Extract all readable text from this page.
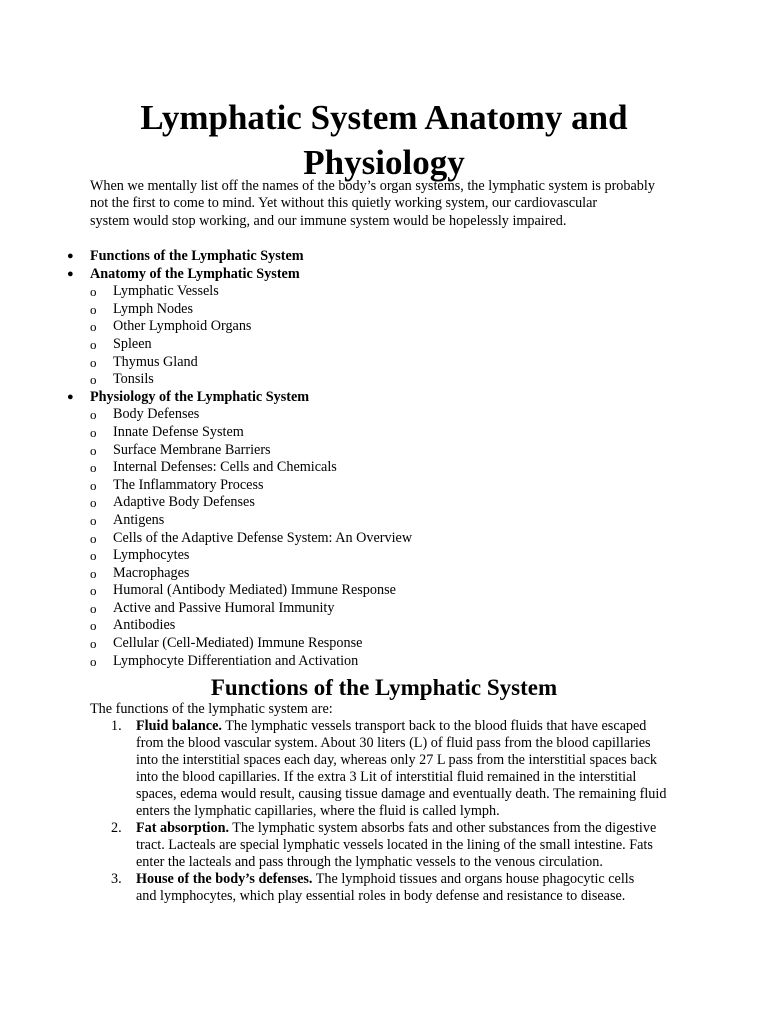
Lymphatic System Anatomy and
Physiology

When we mentally list off the names of the body’s organ systems, the lymphatic system is probably
not the first to come to mind. Yet without this quietly working system, our cardiovascular
system would stop working, and our immune system would be hopelessly impaired.

● Functions of the Lymphatic System
● Anatomy of the Lymphatic System
o Lymphatic Vessels
o Lymph Nodes
o Other Lymphoid Organs
o Spleen
o Thymus Gland
o Tonsils
● Physiology of the Lymphatic System
o Body Defenses
o Innate Defense System
o Surface Membrane Barriers
o Internal Defenses: Cells and Chemicals
o The Inflammatory Process
o Adaptive Body Defenses
o Antigens
o Cells of the Adaptive Defense System: An Overview
o Lymphocytes
o Macrophages
o Humoral (Antibody Mediated) Immune Response
o Active and Passive Humoral Immunity
o Antibodies
o Cellular (Cell-Mediated) Immune Response
o Lymphocyte Differentiation and Activation
Functions of the Lymphatic System

The functions of the lymphatic system are:

1. Fluid balance. The lymphatic vessels transport back to the blood fluids that have escaped
from the blood vascular system. About 30 liters (L) of fluid pass from the blood capillaries
into the interstitial spaces each day, whereas only 27 L pass from the interstitial spaces back
into the blood capillaries. If the extra 3 Lit of interstitial fluid remained in the interstitial
spaces, edema would result, causing tissue damage and eventually death. The remaining fluid
enters the lymphatic capillaries, where the fluid is called lymph.
2. Fat absorption. The lymphatic system absorbs fats and other substances from the digestive
tract. Lacteals are special lymphatic vessels located in the lining of the small intestine. Fats
enter the lacteals and pass through the lymphatic vessels to the venous circulation.
3. House of the body’s defenses. The lymphoid tissues and organs house phagocytic cells
and lymphocytes, which play essential roles in body defense and resistance to disease.
